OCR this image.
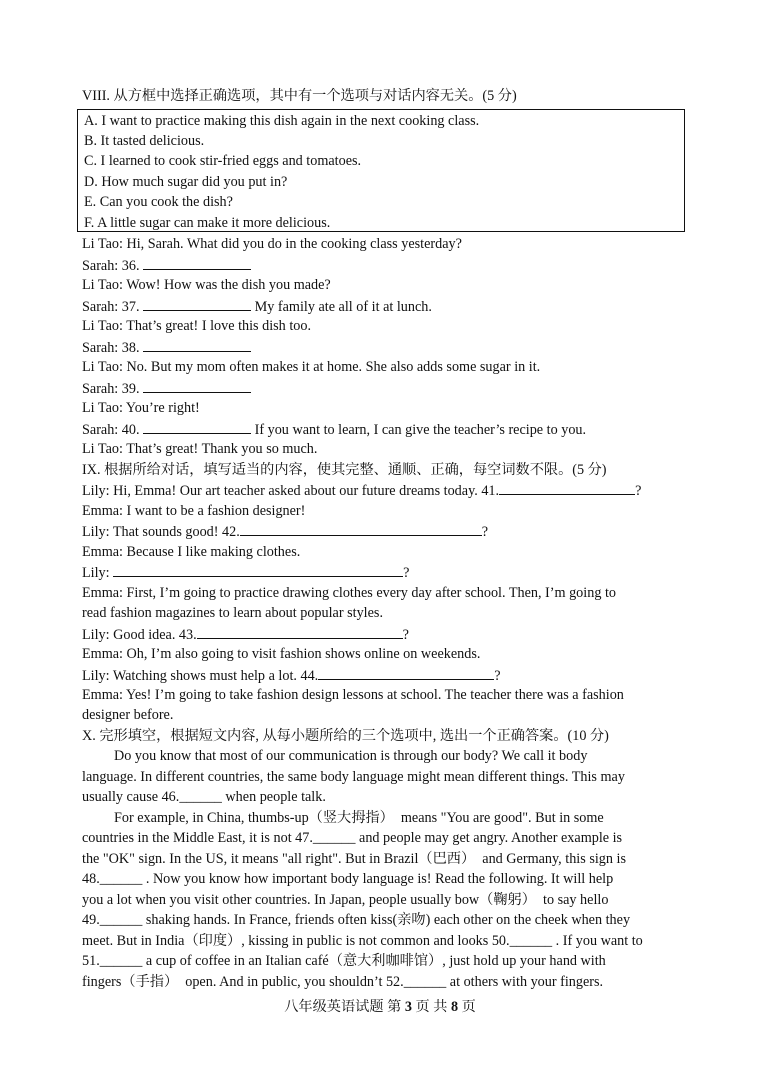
VIII. 从方框中选择正确选项，其中有一个选项与对话内容无关。(5 分)
A. I want to practice making this dish again in the next cooking class.
B. It tasted delicious.
C. I learned to cook stir-fried eggs and tomatoes.
D. How much sugar did you put in?
E. Can you cook the dish?
F. A little sugar can make it more delicious.
Li Tao: Hi, Sarah. What did you do in the cooking class yesterday?
Sarah: 36.
Li Tao: Wow! How was the dish you made?
Sarah: 37.	My family ate all of it at lunch.
Li Tao: That’s great! I love this dish too.
Sarah: 38.
Li Tao: No. But my mom often makes it at home. She also adds some sugar in it.
Sarah: 39.
Li Tao: You’re right!
Sarah: 40.	If you want to learn, I can give the teacher’s recipe to you.
Li Tao: That’s great! Thank you so much.
IX. 根据所给对话，填写适当的内容，使其完整、通顺、正确，每空词数不限。(5 分)
Lily: Hi, Emma! Our art teacher asked about our future dreams today. 41.	?
Emma: I want to be a fashion designer!
Lily: That sounds good! 42.	?
Emma: Because I like making clothes.
Lily:	?
Emma: First, I’m going to practice drawing clothes every day after school. Then, I’m going to
read fashion magazines to learn about popular styles.
Lily: Good idea. 43.	?
Emma: Oh, I’m also going to visit fashion shows online on weekends.
Lily: Watching shows must help a lot. 44.	?
Emma: Yes! I’m going to take fashion design lessons at school. The teacher there was a fashion
designer before.
X. 完形填空，根据短文内容, 从每小题所给的三个选项中, 选出一个正确答案。(10 分)
Do you know that most of our communication is through our body? We call it body
language. In different countries, the same body language might mean different things. This may
usually cause 46.______ when people talk.
For example, in China, thumbs-up（竖大拇指）  means "You are good". But in some
countries in the Middle East, it is not 47.______ and people may get angry. Another example is
the "OK" sign. In the US, it means "all right". But in Brazil（巴西）  and Germany, this sign is
48.______ . Now you know how important body language is! Read the following. It will help
you a lot when you visit other countries. In Japan, people usually bow（鞠躬）  to say hello
49.______ shaking hands. In France, friends often kiss(亲吻) each other on the cheek when they
meet. But in India（印度）, kissing in public is not common and looks 50.______ . If you want to
51.______ a cup of coffee in an Italian café（意大利咖啡馆）, just hold up your hand with
fingers（手指）  open. And in public, you shouldn’t 52.______ at others with your fingers.
八年级英语试题 第 3 页 共 8 页
